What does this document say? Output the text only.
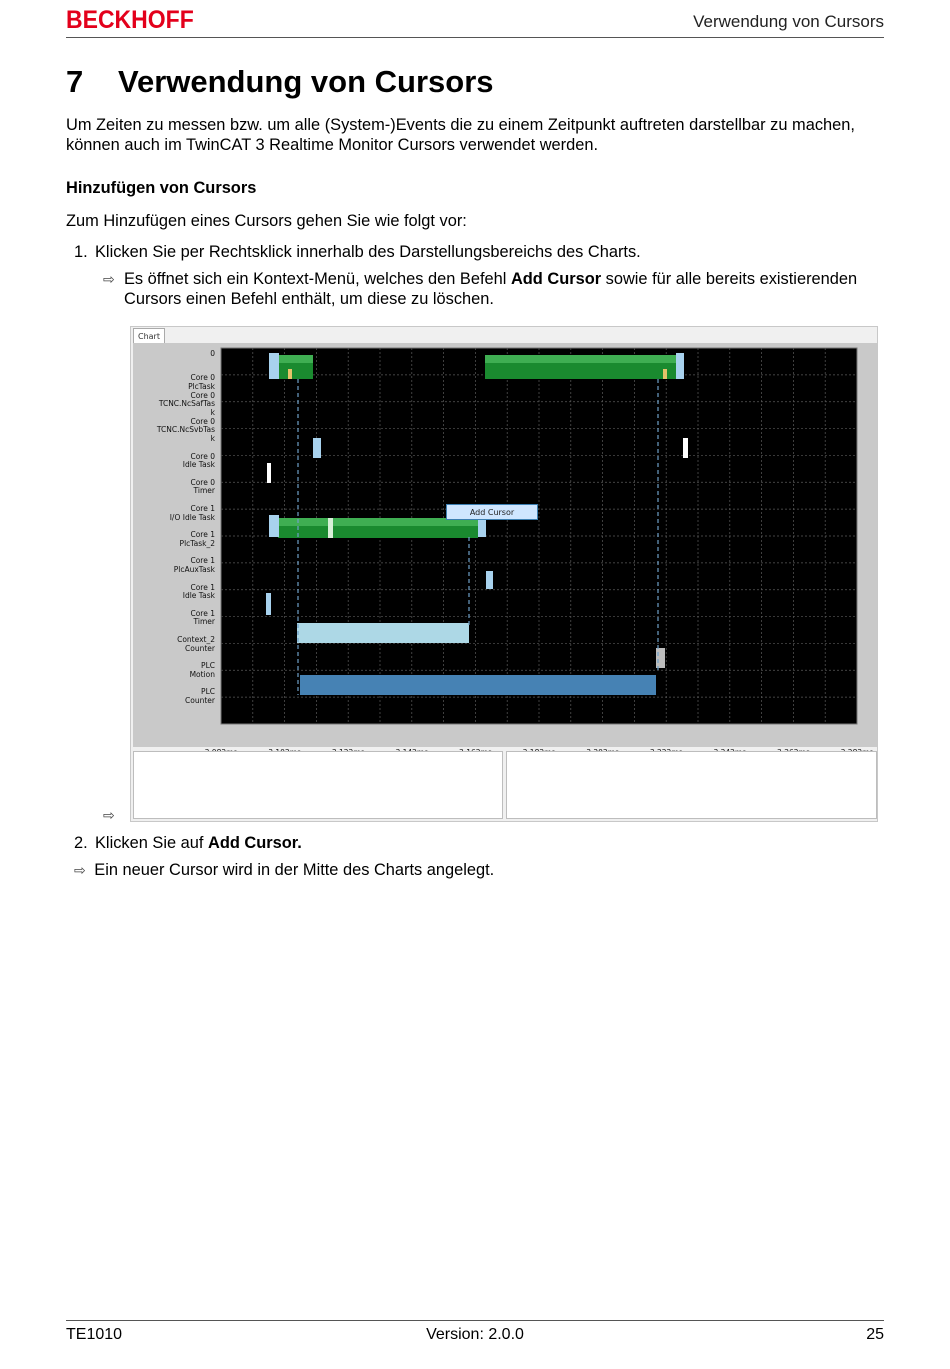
BECKHOFF	Verwendung von Cursors
7 Verwendung von Cursors
Um Zeiten zu messen bzw. um alle (System-)Events die zu einem Zeitpunkt auftreten darstellbar zu machen, können auch im TwinCAT 3 Realtime Monitor Cursors verwendet werden.
Hinzufügen von Cursors
Zum Hinzufügen eines Cursors gehen Sie wie folgt vor:
1. Klicken Sie per Rechtsklick innerhalb des Darstellungsbereichs des Charts.
⇨ Es öffnet sich ein Kontext-Menü, welches den Befehl Add Cursor sowie für alle bereits existierenden Cursors einen Befehl enthält, um diese zu löschen.
Chart
0
Core 0
PlcTask
Core 0
TCNC.NcSafTas
k
Core 0
TCNC.NcSvbTas
k
Core 0
Idle Task
Core 0
Timer
Core 1
I/O Idle Task
Core 1
PlcTask_2
Core 1
PlcAuxTask
Core 1
Idle Task
Core 1
Timer
Context_2
Counter
PLC
Motion
PLC
Counter
Add Cursor
⇨
2. Klicken Sie auf Add Cursor.
⇨ Ein neuer Cursor wird in der Mitte des Charts angelegt.
TE1010	Version: 2.0.0	25
